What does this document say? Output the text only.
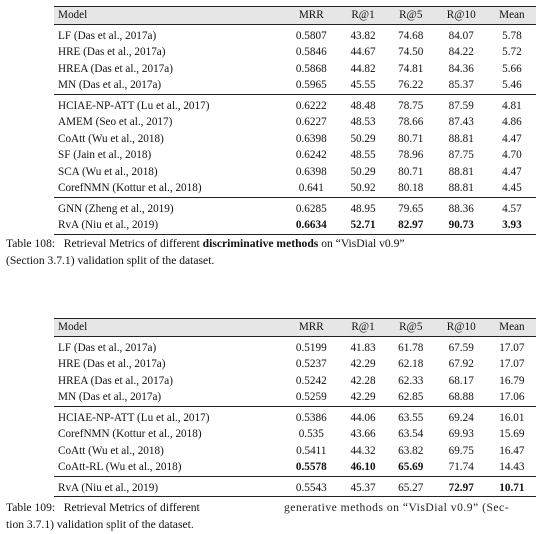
Model	MRR	R@1	R@5	R@10	Mean
LF (Das et al., 2017a)	0.5807	43.82	74.68	84.07	5.78
HRE (Das et al., 2017a)	0.5846	44.67	74.50	84.22	5.72
HREA (Das et al., 2017a)	0.5868	44.82	74.81	84.36	5.66
MN (Das et al., 2017a)	0.5965	45.55	76.22	85.37	5.46
HCIAE-NP-ATT (Lu et al., 2017)	0.6222	48.48	78.75	87.59	4.81
AMEM (Seo et al., 2017)	0.6227	48.53	78.66	87.43	4.86
CoAtt (Wu et al., 2018)	0.6398	50.29	80.71	88.81	4.47
SF (Jain et al., 2018)	0.6242	48.55	78.96	87.75	4.70
SCA (Wu et al., 2018)	0.6398	50.29	80.71	88.81	4.47
CorefNMN (Kottur et al., 2018)	0.641	50.92	80.18	88.81	4.45
GNN (Zheng et al., 2019)	0.6285	48.95	79.65	88.36	4.57
RvA (Niu et al., 2019)	0.6634	52.71	82.97	90.73	3.93
Table 108: Retrieval Metrics of different discriminative methods on “VisDial v0.9”
(Section 3.7.1) validation split of the dataset.
Model	MRR	R@1	R@5	R@10	Mean
LF (Das et al., 2017a)	0.5199	41.83	61.78	67.59	17.07
HRE (Das et al., 2017a)	0.5237	42.29	62.18	67.92	17.07
HREA (Das et al., 2017a)	0.5242	42.28	62.33	68.17	16.79
MN (Das et al., 2017a)	0.5259	42.29	62.85	68.88	17.06
HCIAE-NP-ATT (Lu et al., 2017)	0.5386	44.06	63.55	69.24	16.01
CorefNMN (Kottur et al., 2018)	0.535	43.66	63.54	69.93	15.69
CoAtt (Wu et al., 2018)	0.5411	44.32	63.82	69.75	16.47
CoAtt-RL (Wu et al., 2018)	0.5578	46.10	65.69	71.74	14.43
RvA (Niu et al., 2019)	0.5543	45.37	65.27	72.97	10.71
Table 109: Retrieval Metrics of different	generative methods on “VisDial v0.9” (Sec-
tion 3.7.1) validation split of the dataset.
